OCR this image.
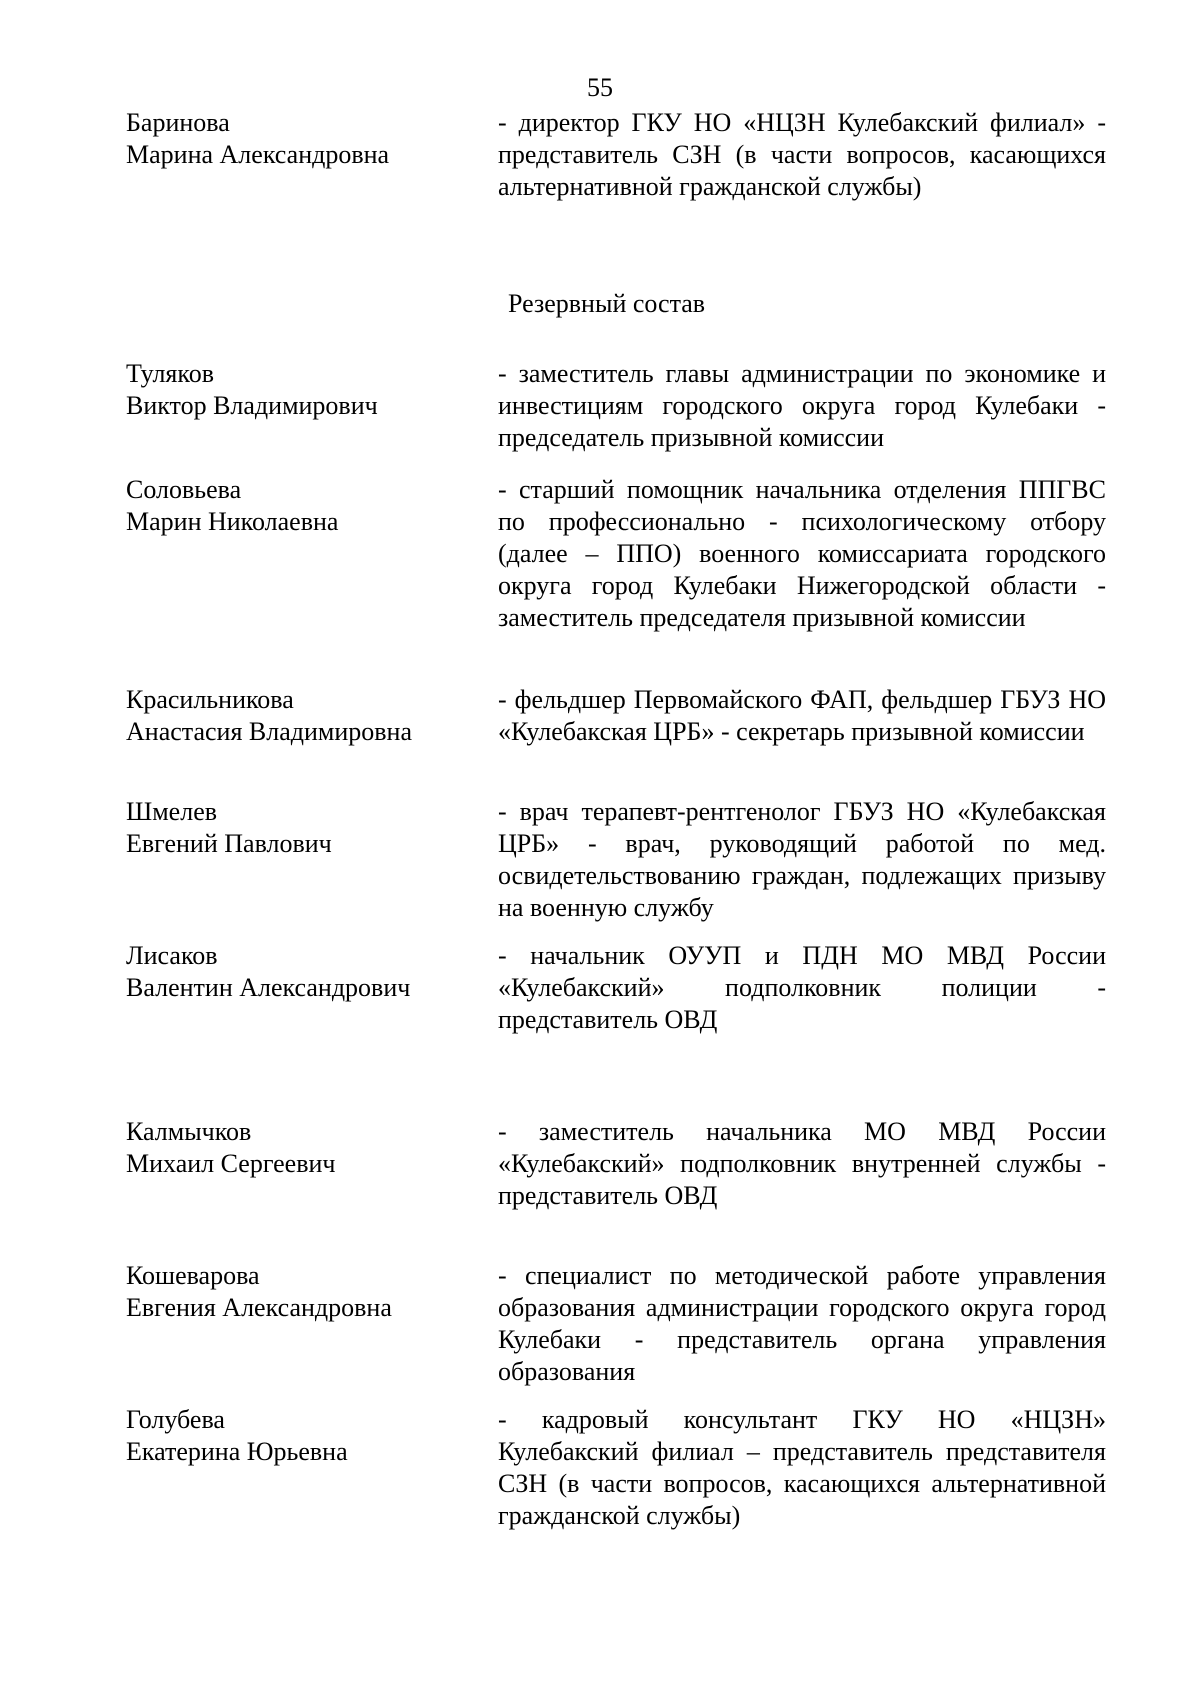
55
Баринова
Марина Александровна
- директор ГКУ НО «НЦЗН Кулебакский филиал» - представитель СЗН (в части вопросов, касающихся альтернативной гражданской службы)
Резервный состав
Туляков
Виктор Владимирович
- заместитель главы администрации по экономике и инвестициям городского округа город Кулебаки - председатель призывной комиссии
Соловьева
Марин Николаевна
- старший помощник начальника отделения ППГВС по профессионально - психологическому отбору (далее – ППО) военного комиссариата городского округа город Кулебаки Нижегородской области - заместитель председателя призывной комиссии
Красильникова
Анастасия Владимировна
- фельдшер Первомайского ФАП, фельдшер ГБУЗ НО «Кулебакская ЦРБ» - секретарь призывной комиссии
Шмелев
Евгений Павлович
- врач терапевт-рентгенолог ГБУЗ НО «Кулебакская ЦРБ» - врач, руководящий работой по мед. освидетельствованию граждан, подлежащих призыву на военную службу
Лисаков
Валентин Александрович
- начальник ОУУП и ПДН МО МВД России «Кулебакский» подполковник полиции - представитель ОВД
Калмычков
Михаил Сергеевич
- заместитель начальника МО МВД России «Кулебакский» подполковник внутренней службы - представитель ОВД
Кошеварова
Евгения Александровна
- специалист по методической работе управления образования администрации городского округа город Кулебаки - представитель органа управления образования
Голубева
Екатерина Юрьевна
- кадровый консультант ГКУ НО «НЦЗН» Кулебакский филиал – представитель представителя СЗН (в части вопросов, касающихся альтернативной гражданской службы)
